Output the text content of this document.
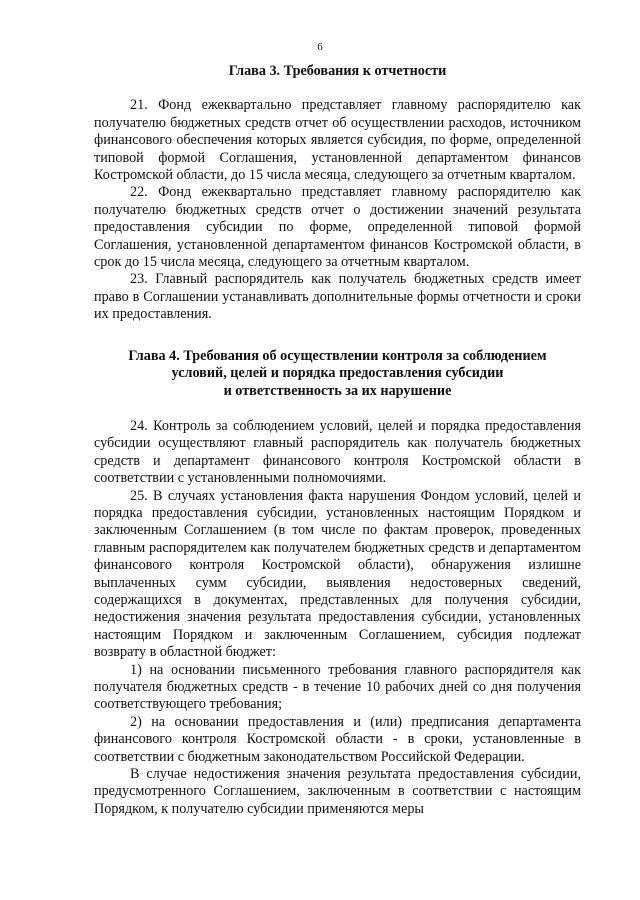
6
Глава 3. Требования к отчетности

21. Фонд ежеквартально представляет главному распорядителю как получателю бюджетных средств отчет об осуществлении расходов, источником финансового обеспечения которых является субсидия, по форме, определенной типовой формой Соглашения, установленной департаментом финансов Костромской области, до 15 числа месяца, следующего за отчетным кварталом.

22. Фонд ежеквартально представляет главному распорядителю как получателю бюджетных средств отчет о достижении значений результата предоставления субсидии по форме, определенной типовой формой Соглашения, установленной департаментом финансов Костромской области, в срок до 15 числа месяца, следующего за отчетным кварталом.

23. Главный распорядитель как получатель бюджетных средств имеет право в Соглашении устанавливать дополнительные формы отчетности и сроки их предоставления.

Глава 4. Требования об осуществлении контроля за соблюдением
условий, целей и порядка предоставления субсидии
и ответственность за их нарушение

24. Контроль за соблюдением условий, целей и порядка предоставления субсидии осуществляют главный распорядитель как получатель бюджетных средств и департамент финансового контроля Костромской области в соответствии с установленными полномочиями.

25. В случаях установления факта нарушения Фондом условий, целей и порядка предоставления субсидии, установленных настоящим Порядком и заключенным Соглашением (в том числе по фактам проверок, проведенных главным распорядителем как получателем бюджетных средств и департаментом финансового контроля Костромской области), обнаружения излишне выплаченных сумм субсидии, выявления недостоверных сведений, содержащихся в документах, представленных для получения субсидии, недостижения значения результата предоставления субсидии, установленных настоящим Порядком и заключенным Соглашением, субсидия подлежат возврату в областной бюджет:

1) на основании письменного требования главного распорядителя как получателя бюджетных средств - в течение 10 рабочих дней со дня получения соответствующего требования;

2) на основании предоставления и (или) предписания департамента финансового контроля Костромской области - в сроки, установленные в соответствии с бюджетным законодательством Российской Федерации.

В случае недостижения значения результата предоставления субсидии, предусмотренного Соглашением, заключенным в соответствии с настоящим Порядком, к получателю субсидии применяются меры
